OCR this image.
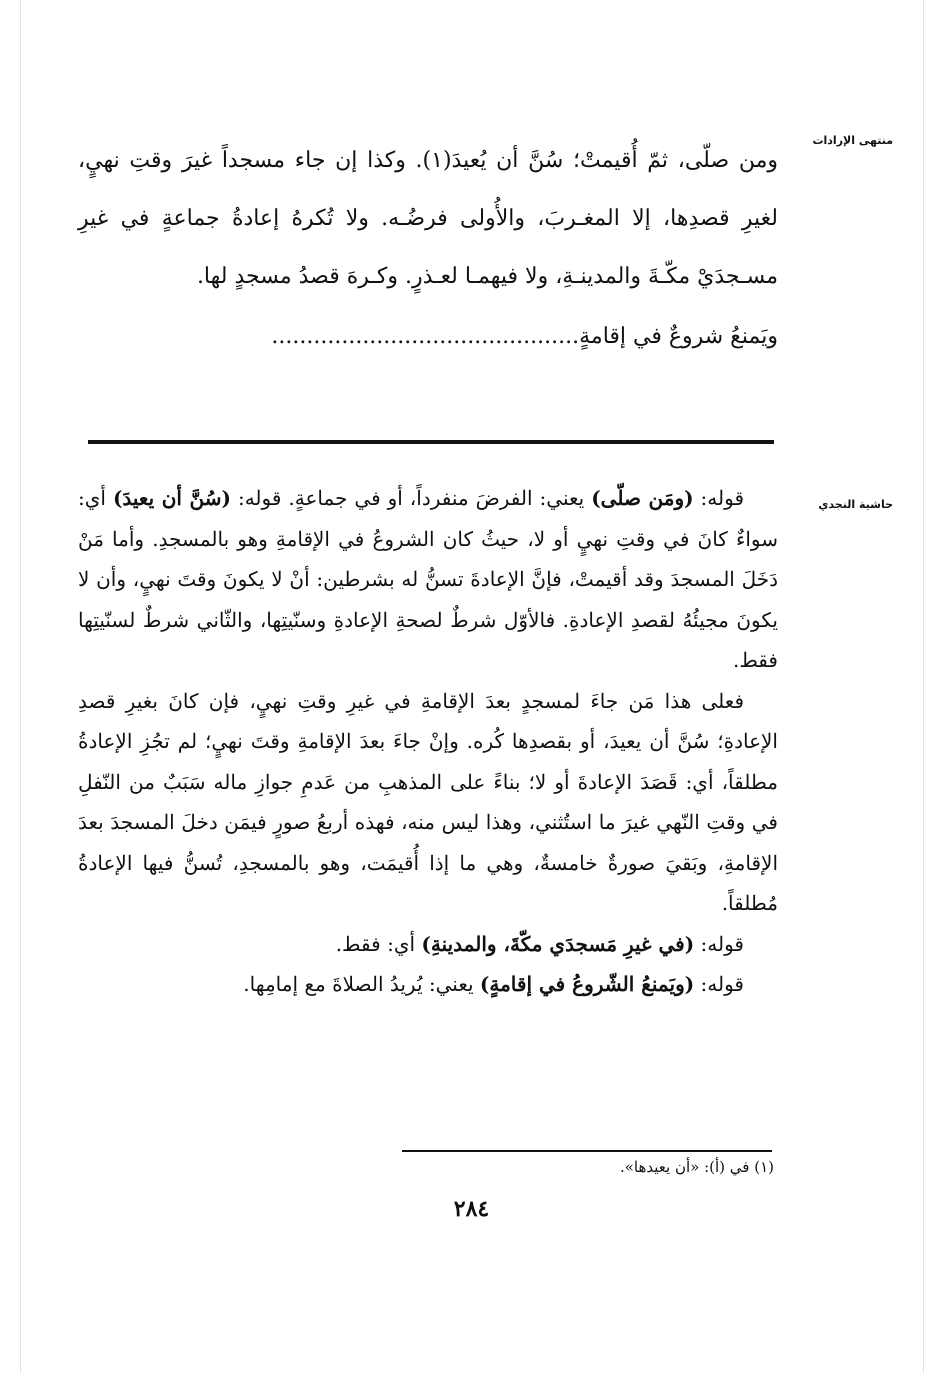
منتهى الإرادات
حاشية النجدي

ومن صلّى، ثمّ أُقيمتْ؛ سُنَّ أن يُعيدَ(١). وكذا إن جاء مسجداً غيرَ وقتِ نهيٍ، لغيرِ قصدِها، إلا المغـربَ، والأُولى فرضُـه. ولا تُكرهُ إعادةُ جماعةٍ في غيرِ مسـجدَيْ مكّـةَ والمدينـةِ، ولا فيهمـا لعـذرٍ. وكـرهَ قصدُ مسجدٍ لها.

ويَمنعُ شروعٌ في إقامةٍ............................................

قوله: (ومَن صلّى) يعني: الفرضَ منفرداً، أو في جماعةٍ. قوله: (سُنَّ أن يعيدَ) أي: سواءٌ كانَ في وقتِ نهيٍ أو لا، حيثُ كان الشروعُ في الإقامةِ وهو بالمسجدِ. وأما مَنْ دَخَلَ المسجدَ وقد أقيمتْ، فإنَّ الإعادةَ تسنُّ له بشرطين: أنْ لا يكونَ وقتَ نهيٍ، وأن لا يكونَ مجيئُهُ لقصدِ الإعادةِ. فالأوّل شرطٌ لصحةِ الإعادةِ وسنّيتِها، والثّاني شرطٌ لسنّيتِها فقط.

فعلى هذا مَن جاءَ لمسجدٍ بعدَ الإقامةِ في غيرِ وقتِ نهيٍ، فإن كانَ بغيرِ قصدِ الإعادةِ؛ سُنَّ أن يعيدَ، أو بقصدِها كُره. وإنْ جاءَ بعدَ الإقامةِ وقتَ نهيٍ؛ لم تجُزِ الإعادةُ مطلقاً، أي: قَصَدَ الإعادةَ أو لا؛ بناءً على المذهبِ من عَدمِ جوازِ ماله سَبَبٌ من النّفلِ في وقتِ النّهي غيرَ ما استُثني، وهذا ليس منه، فهذه أربعُ صورٍ فيمَن دخلَ المسجدَ بعدَ الإقامةِ، وبَقيَ صورةٌ خامسةٌ، وهي ما إذا أُقيمَت، وهو بالمسجدِ، تُسنُّ فيها الإعادةُ مُطلقاً.

قوله: (في غيرِ مَسجدَي مكّةَ، والمدينةِ) أي: فقط.

قوله: (ويَمنعُ الشّروعُ في إقامةٍ) يعني: يُريدُ الصلاةَ مع إمامِها.

(١) في (أ): «أن يعيدها».
٢٨٤
